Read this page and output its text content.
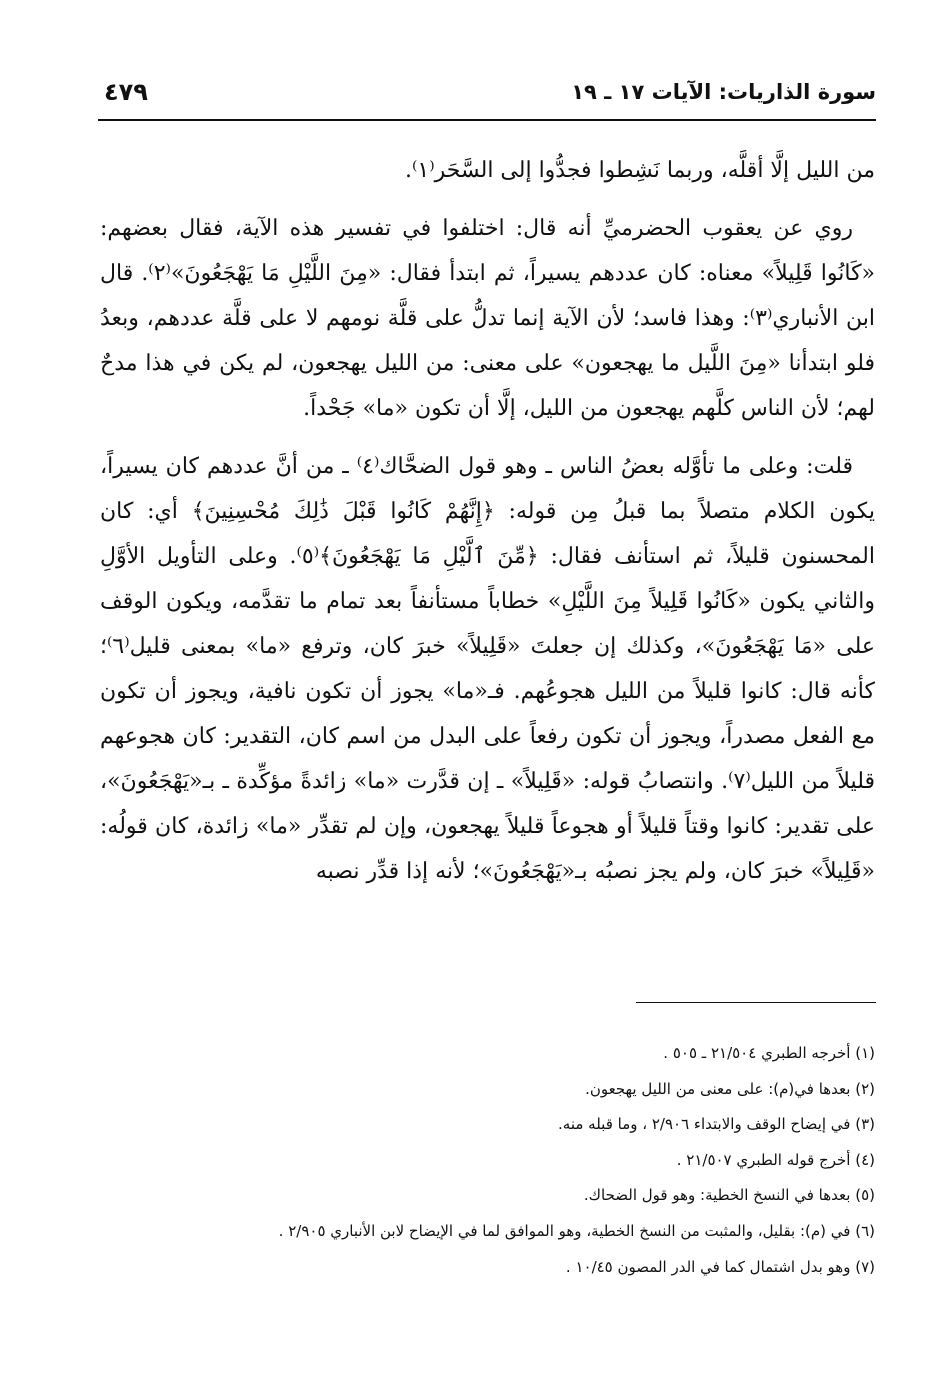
سورة الذاريات: الآيات ١٧ ـ ١٩
٤٧٩

من الليل إلَّا أقلَّه، وربما نَشِطوا فجدُّوا إلى السَّحَر⁽١⁾.

روي عن يعقوب الحضرميِّ أنه قال: اختلفوا في تفسير هذه الآية، فقال بعضهم: «كَانُوا قَلِيلاً» معناه: كان عددهم يسيراً، ثم ابتدأ فقال: «مِنَ اللَّيْلِ مَا يَهْجَعُونَ»⁽٢⁾. قال ابن الأنباري⁽٣⁾: وهذا فاسد؛ لأن الآية إنما تدلُّ على قلَّة نومهم لا على قلَّة عددهم، وبعدُ فلو ابتدأنا «مِنَ اللَّيل ما يهجعون» على معنى: من الليل يهجعون، لم يكن في هذا مدحٌ لهم؛ لأن الناس كلَّهم يهجعون من الليل، إلَّا أن تكون «ما» جَحْداً.

قلت: وعلى ما تأوَّله بعضُ الناس ـ وهو قول الضحَّاك⁽٤⁾ ـ من أنَّ عددهم كان يسيراً، يكون الكلام متصلاً بما قبلُ مِن قوله: ﴿إِنَّهُمْ كَانُوا قَبْلَ ذَٰلِكَ مُحْسِنِينَ﴾ أي: كان المحسنون قليلاً، ثم استأنف فقال: ﴿مِّنَ ٱلَّيْلِ مَا يَهْجَعُونَ﴾⁽٥⁾. وعلى التأويل الأوَّلِ والثاني يكون «كَانُوا قَلِيلاً مِنَ اللَّيْلِ» خطاباً مستأنفاً بعد تمام ما تقدَّمه، ويكون الوقف على «مَا يَهْجَعُونَ»، وكذلك إن جعلتَ «قَلِيلاً» خبرَ كان، وترفع «ما» بمعنى قليل⁽٦⁾؛ كأنه قال: كانوا قليلاً من الليل هجوعُهم. فـ«ما» يجوز أن تكون نافية، ويجوز أن تكون مع الفعل مصدراً، ويجوز أن تكون رفعاً على البدل من اسم كان، التقدير: كان هجوعهم قليلاً من الليل⁽٧⁾. وانتصابُ قوله: «قَلِيلاً» ـ إن قدَّرت «ما» زائدةً مؤكِّدة ـ بـ«يَهْجَعُونَ»، على تقدير: كانوا وقتاً قليلاً أو هجوعاً قليلاً يهجعون، وإن لم تقدِّر «ما» زائدة، كان قولُه: «قَلِيلاً» خبرَ كان، ولم يجز نصبُه بـ«يَهْجَعُونَ»؛ لأنه إذا قدِّر نصبه

(١) أخرجه الطبري ٢١/٥٠٤ ـ ٥٠٥ .

(٢) بعدها في(م): على معنى من الليل يهجعون.

(٣) في إيضاح الوقف والابتداء ٢/٩٠٦ ، وما قبله منه.

(٤) أخرج قوله الطبري ٢١/٥٠٧ .

(٥) بعدها في النسخ الخطية: وهو قول الضحاك.

(٦) في (م): بقليل، والمثبت من النسخ الخطية، وهو الموافق لما في الإيضاح لابن الأنباري ٢/٩٠٥ .

(٧) وهو بدل اشتمال كما في الدر المصون ١٠/٤٥ .
